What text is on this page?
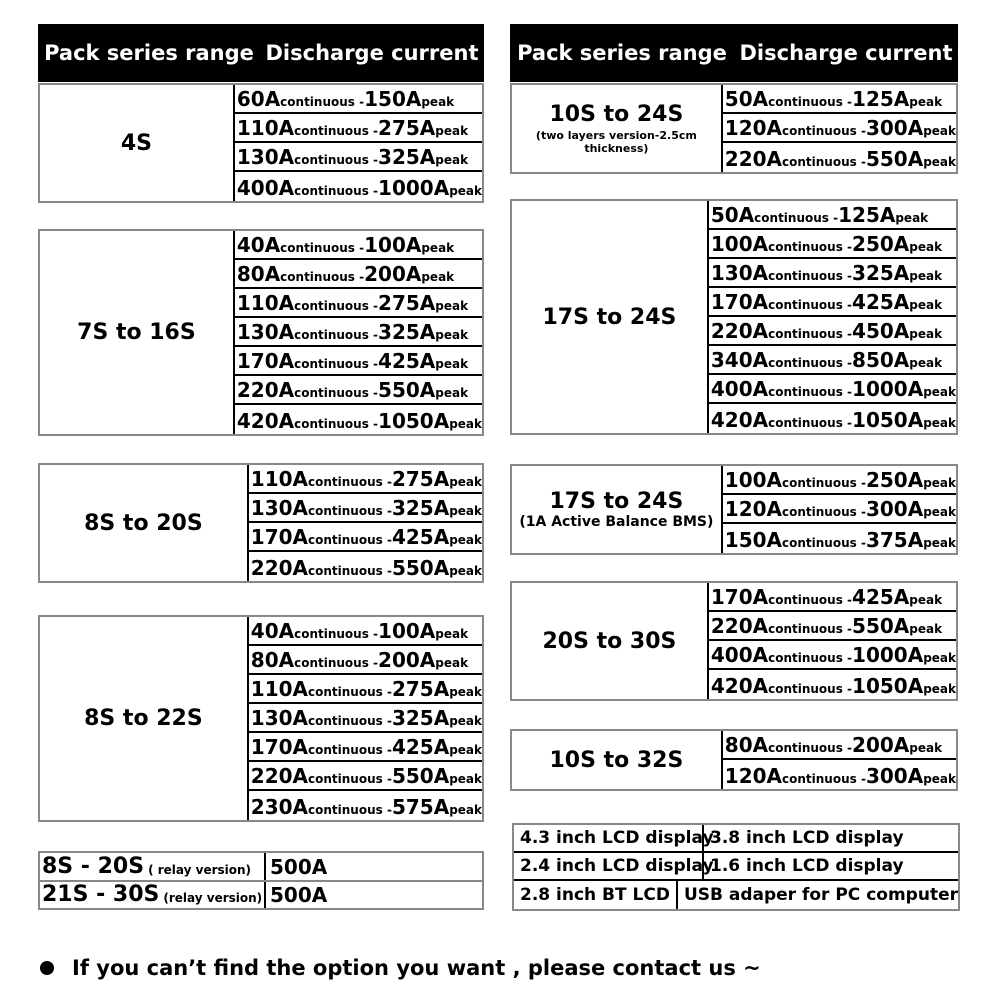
Pack series range Discharge current	Pack series range Discharge current
4S
60A continuous - 150A peak
110A continuous - 275A peak
130A continuous - 325A peak
400A continuous - 1000A peak
7S to 16S
40A continuous - 100A peak
80A continuous - 200A peak
110A continuous - 275A peak
130A continuous - 325A peak
170A continuous - 425A peak
220A continuous - 550A peak
420A continuous - 1050A peak
8S to 20S
110A continuous - 275A peak
130A continuous - 325A peak
170A continuous - 425A peak
220A continuous - 550A peak
8S to 22S
40A continuous - 100A peak
80A continuous - 200A peak
110A continuous - 275A peak
130A continuous - 325A peak
170A continuous - 425A peak
220A continuous - 550A peak
230A continuous - 575A peak
8S - 20S ( relay version) 500A
21S - 30S (relay version) 500A
10S to 24S
(two layers version-2.5cm thickness)
50A continuous - 125A peak
120A continuous - 300A peak
220A continuous - 550A peak
17S to 24S
50A continuous - 125A peak
100A continuous - 250A peak
130A continuous - 325A peak
170A continuous - 425A peak
220A continuous - 450A peak
340A continuous - 850A peak
400A continuous - 1000A peak
420A continuous - 1050A peak
17S to 24S
(1A Active Balance BMS)
100A continuous - 250A peak
120A continuous - 300A peak
150A continuous - 375A peak
20S to 30S
170A continuous - 425A peak
220A continuous - 550A peak
400A continuous - 1000A peak
420A continuous - 1050A peak
10S to 32S
80A continuous - 200A peak
120A continuous - 300A peak
4.3 inch LCD display
3.8 inch LCD display
2.4 inch LCD display
1.6 inch LCD display
2.8 inch BT LCD USB adaper for PC computer
If you can’t find the option you want , please contact us ~
